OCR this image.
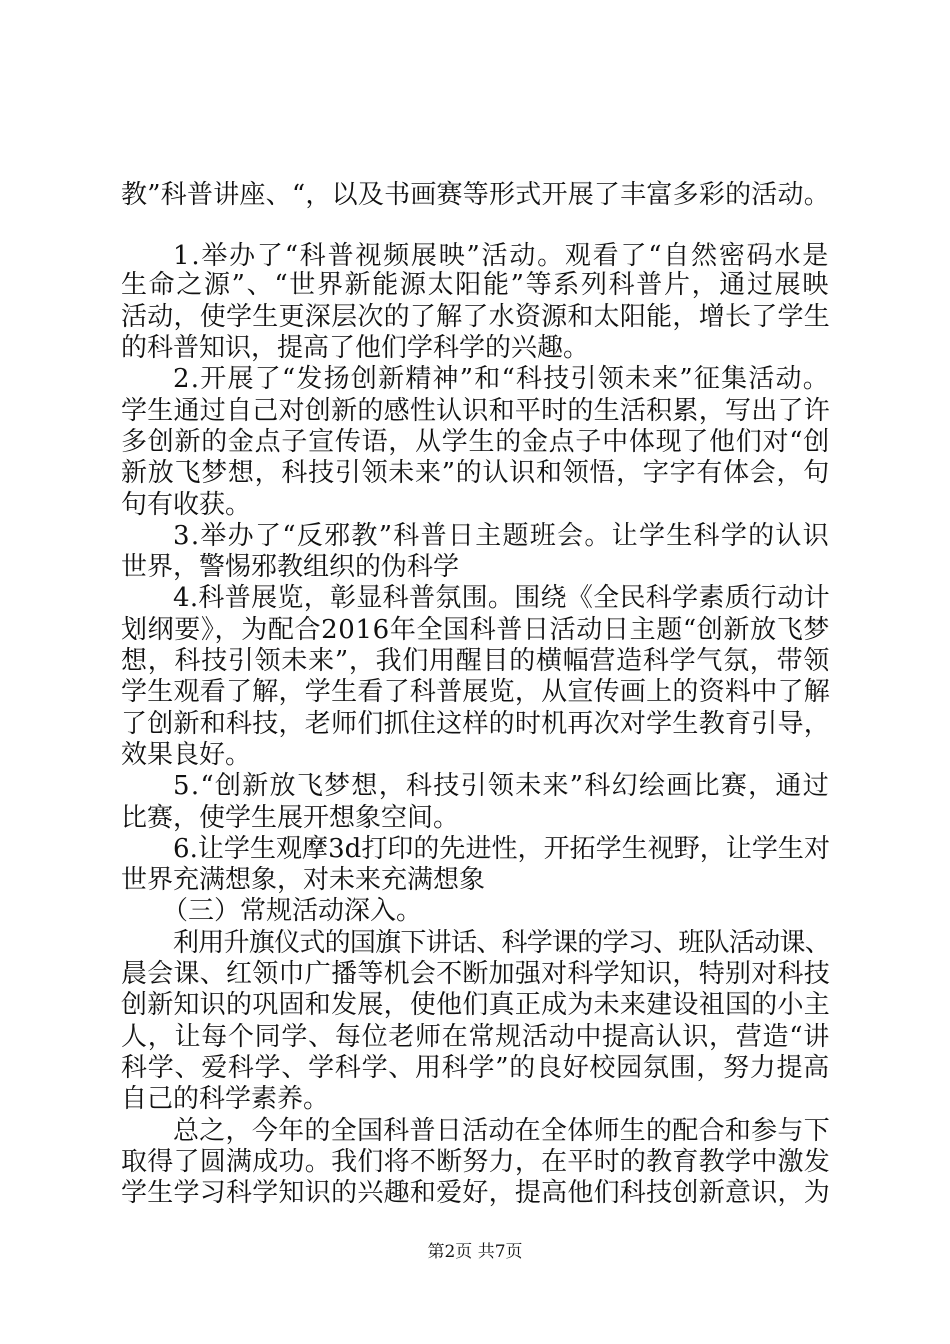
教”科普讲座、“，以及书画赛等形式开展了丰富多彩的活动。
1.举办了“科普视频展映”活动。观看了“自然密码水是
生命之源”、“世界新能源太阳能”等系列科普片，通过展映
活动，使学生更深层次的了解了水资源和太阳能，增长了学生
的科普知识，提高了他们学科学的兴趣。
2.开展了“发扬创新精神”和“科技引领未来”征集活动。
学生通过自己对创新的感性认识和平时的生活积累，写出了许
多创新的金点子宣传语，从学生的金点子中体现了他们对“创
新放飞梦想，科技引领未来”的认识和领悟，字字有体会，句
句有收获。
3.举办了“反邪教”科普日主题班会。让学生科学的认识
世界，警惕邪教组织的伪科学
4.科普展览，彰显科普氛围。围绕《全民科学素质行动计
划纲要》，为配合2016年全国科普日活动日主题“创新放飞梦
想，科技引领未来”，我们用醒目的横幅营造科学气氛，带领
学生观看了解，学生看了科普展览，从宣传画上的资料中了解
了创新和科技，老师们抓住这样的时机再次对学生教育引导，
效果良好。
5.“创新放飞梦想，科技引领未来”科幻绘画比赛，通过
比赛，使学生展开想象空间。
6.让学生观摩3d打印的先进性，开拓学生视野，让学生对
世界充满想象，对未来充满想象
（三）常规活动深入。
利用升旗仪式的国旗下讲话、科学课的学习、班队活动课、
晨会课、红领巾广播等机会不断加强对科学知识，特别对科技
创新知识的巩固和发展，使他们真正成为未来建设祖国的小主
人，让每个同学、每位老师在常规活动中提高认识，营造“讲
科学、爱科学、学科学、用科学”的良好校园氛围，努力提高
自己的科学素养。
总之，今年的全国科普日活动在全体师生的配合和参与下
取得了圆满成功。我们将不断努力，在平时的教育教学中激发
学生学习科学知识的兴趣和爱好，提高他们科技创新意识，为
第2页 共7页
